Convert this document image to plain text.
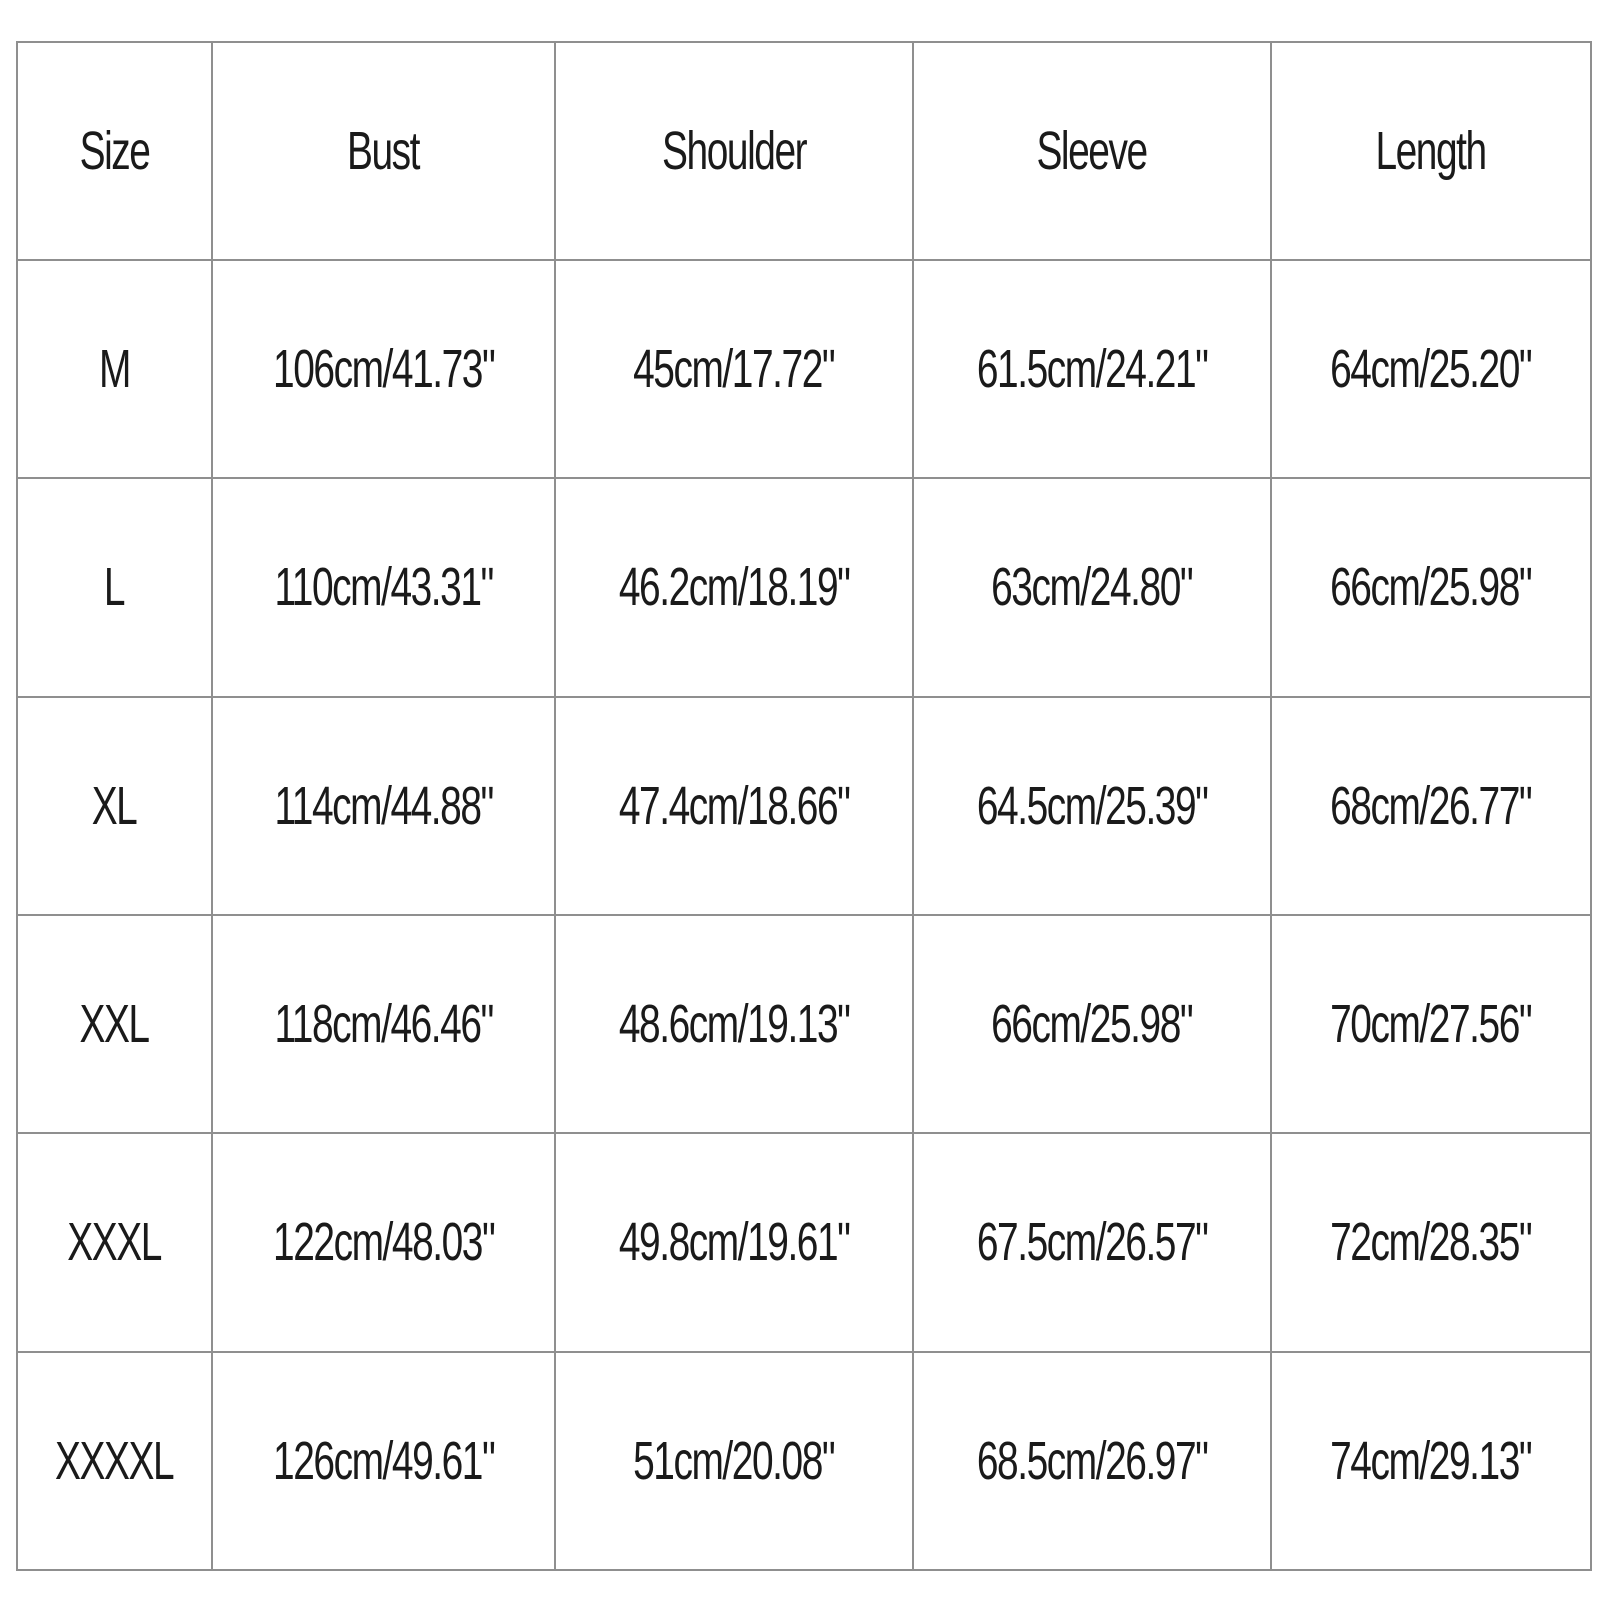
Size	Bust	Shoulder	Sleeve	Length
M	106cm/41.73"	45cm/17.72"	61.5cm/24.21"	64cm/25.20"
L	110cm/43.31"	46.2cm/18.19"	63cm/24.80"	66cm/25.98"
XL	114cm/44.88"	47.4cm/18.66"	64.5cm/25.39"	68cm/26.77"
XXL	118cm/46.46"	48.6cm/19.13"	66cm/25.98"	70cm/27.56"
XXXL	122cm/48.03"	49.8cm/19.61"	67.5cm/26.57"	72cm/28.35"
XXXXL	126cm/49.61"	51cm/20.08"	68.5cm/26.97"	74cm/29.13"
